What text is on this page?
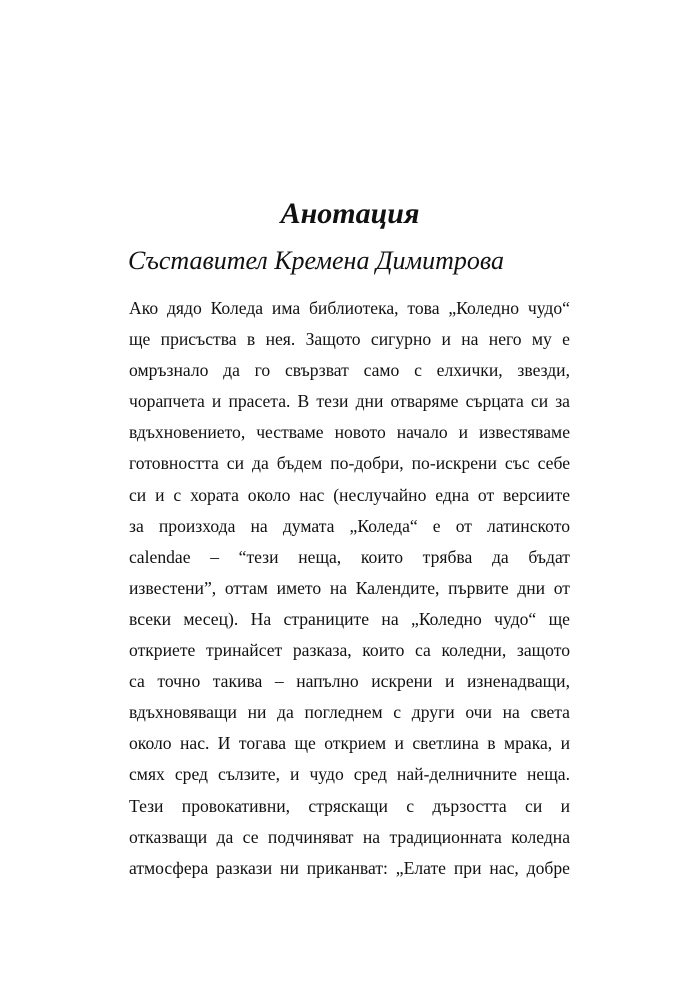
Анотация
Съставител Кремена Димитрова
Ако дядо Коледа има библиотека, това „Коледно чудо“
ще присъства в нея. Защото сигурно и на него му е
омръзнало да го свързват само с елхички, звезди,
чорапчета и прасета. В тези дни отваряме сърцата си за
вдъхновението, честваме новото начало и известяваме
готовността си да бъдем по-добри, по-искрени със себе
си и с хората около нас (неслучайно една от версиите
за произхода на думата „Коледа“ е от латинското
calendae – “тези неща, които трябва да бъдат
известени”, оттам името на Календите, първите дни от
всеки месец). На страниците на „Коледно чудо“ ще
откриете тринайсет разказа, които са коледни, защото
са точно такива – напълно искрени и изненадващи,
вдъхновяващи ни да погледнем с други очи на света
около нас. И тогава ще открием и светлина в мрака, и
смях сред сълзите, и чудо сред най-делничните неща.
Тези провокативни, стряскащи с дързостта си и
отказващи да се подчиняват на традиционната коледна
атмосфера разкази ни приканват: „Елате при нас, добре
